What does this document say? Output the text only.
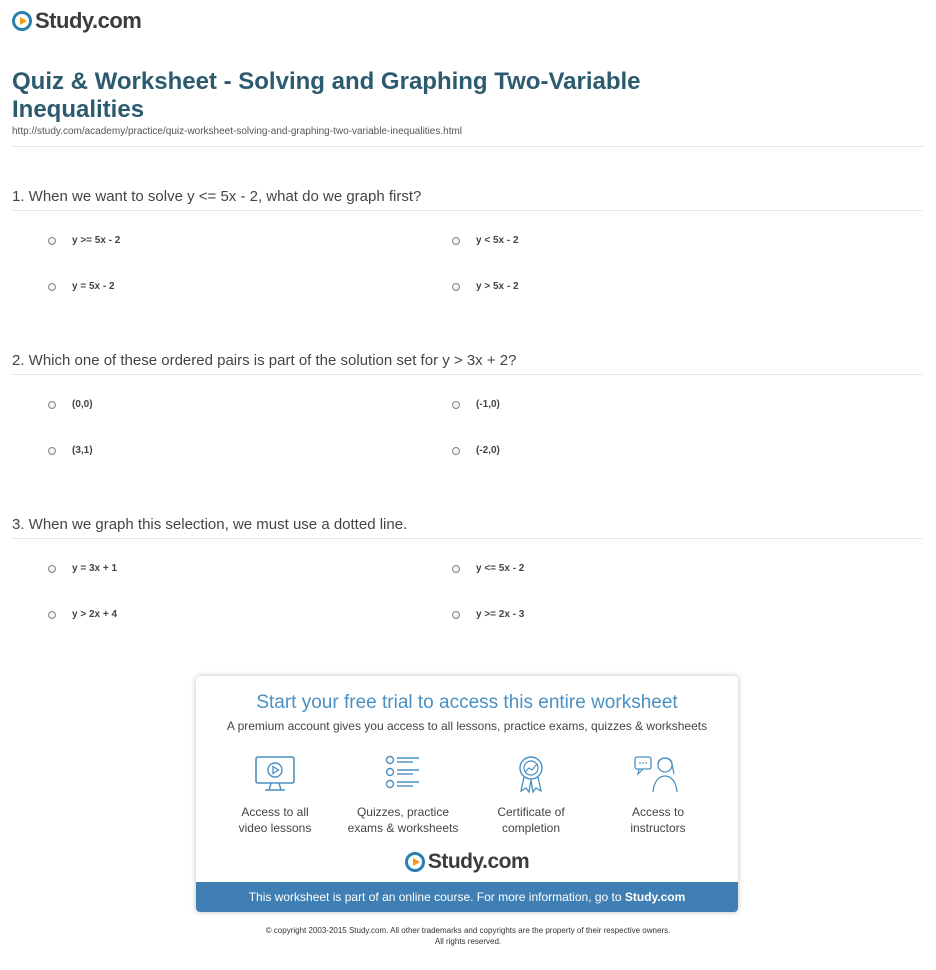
Study.com
Quiz & Worksheet - Solving and Graphing Two-Variable Inequalities
http://study.com/academy/practice/quiz-worksheet-solving-and-graphing-two-variable-inequalities.html
1. When we want to solve y <= 5x - 2, what do we graph first?
y >= 5x - 2	y < 5x - 2
y = 5x - 2	y > 5x - 2
2. Which one of these ordered pairs is part of the solution set for y > 3x + 2?
(0,0)	(-1,0)
(3,1)	(-2,0)
3. When we graph this selection, we must use a dotted line.
y = 3x + 1	y <= 5x - 2
y > 2x + 4	y >= 2x - 3
Start your free trial to access this entire worksheet
A premium account gives you access to all lessons, practice exams, quizzes & worksheets
Access to all
video lessons
Quizzes, practice
exams & worksheets
Certificate of
completion
Access to
instructors
Study.com
This worksheet is part of an online course. For more information, go to Study.com
© copyright 2003-2015 Study.com. All other trademarks and copyrights are the property of their respective owners.
All rights reserved.
